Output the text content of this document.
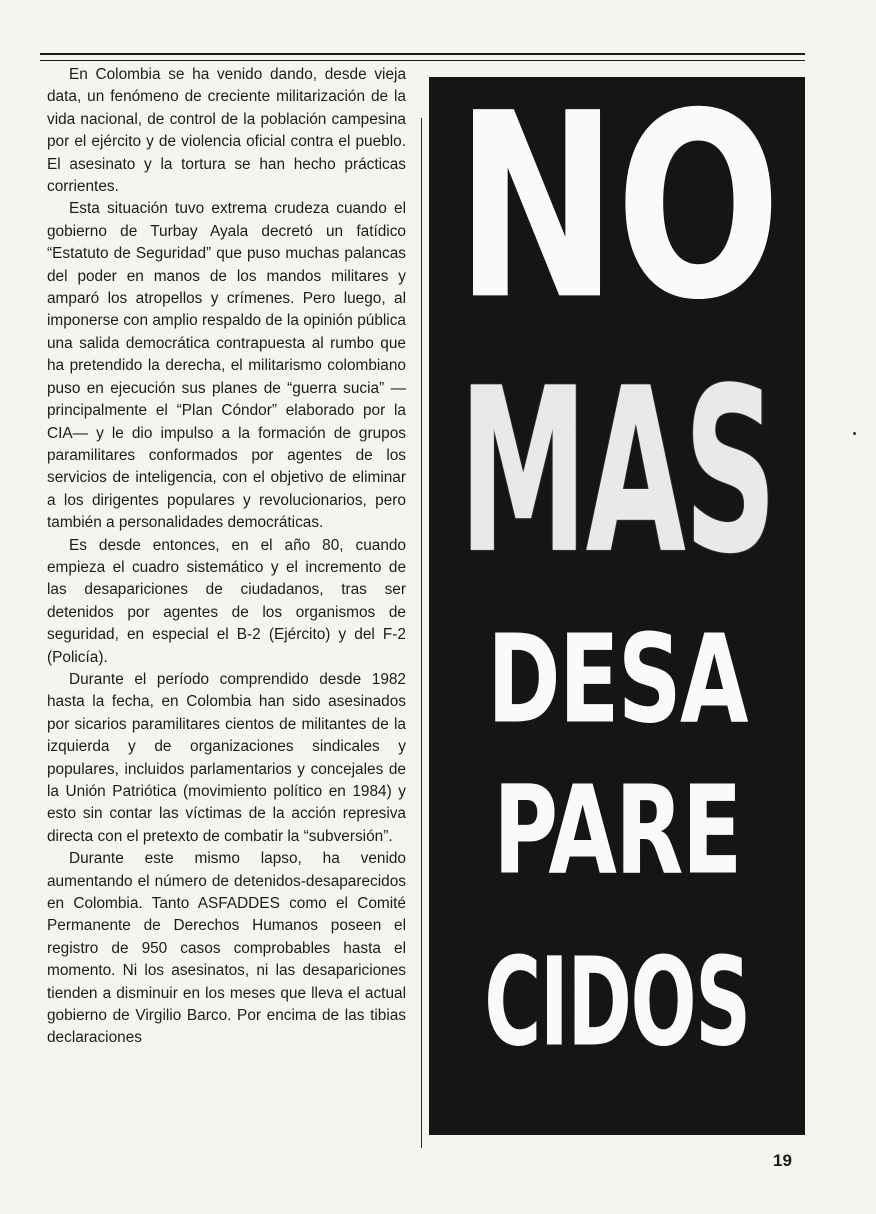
En Colombia se ha venido dando, desde vieja data, un fenómeno de creciente militarización de la vida nacional, de control de la población campesina por el ejército y de violencia oficial contra el pueblo. El asesinato y la tortura se han hecho prácticas corrientes.

Esta situación tuvo extrema crudeza cuando el gobierno de Turbay Ayala decretó un fatídico “Estatuto de Seguridad” que puso muchas palancas del poder en manos de los mandos militares y amparó los atropellos y crímenes. Pero luego, al imponerse con amplio respaldo de la opinión pública una salida democrática contrapuesta al rumbo que ha pretendido la derecha, el militarismo colombiano puso en ejecución sus planes de “guerra sucia” —principalmente el “Plan Cóndor” elaborado por la CIA— y le dio impulso a la formación de grupos paramilitares conformados por agentes de los servicios de inteligencia, con el objetivo de eliminar a los dirigentes populares y revolucionarios, pero también a personalidades democráticas.

Es desde entonces, en el año 80, cuando empieza el cuadro sistemático y el incremento de las desapariciones de ciudadanos, tras ser detenidos por agentes de los organismos de seguridad, en especial el B-2 (Ejército) y del F-2 (Policía).

Durante el período comprendido desde 1982 hasta la fecha, en Colombia han sido asesinados por sicarios paramilitares cientos de militantes de la izquierda y de organizaciones sindicales y populares, incluidos parlamentarios y concejales de la Unión Patriótica (movimiento político en 1984) y esto sin contar las víctimas de la acción represiva directa con el pretexto de combatir la “subversión”.

Durante este mismo lapso, ha venido aumentando el número de detenidos-desaparecidos en Colombia. Tanto ASFADDES como el Comité Permanente de Derechos Humanos poseen el registro de 950 casos comprobables hasta el momento. Ni los asesinatos, ni las desapariciones tienden a disminuir en los meses que lleva el actual gobierno de Virgilio Barco. Por encima de las tibias declaraciones

NO
MAS
DESA
PARE
CIDOS
19
